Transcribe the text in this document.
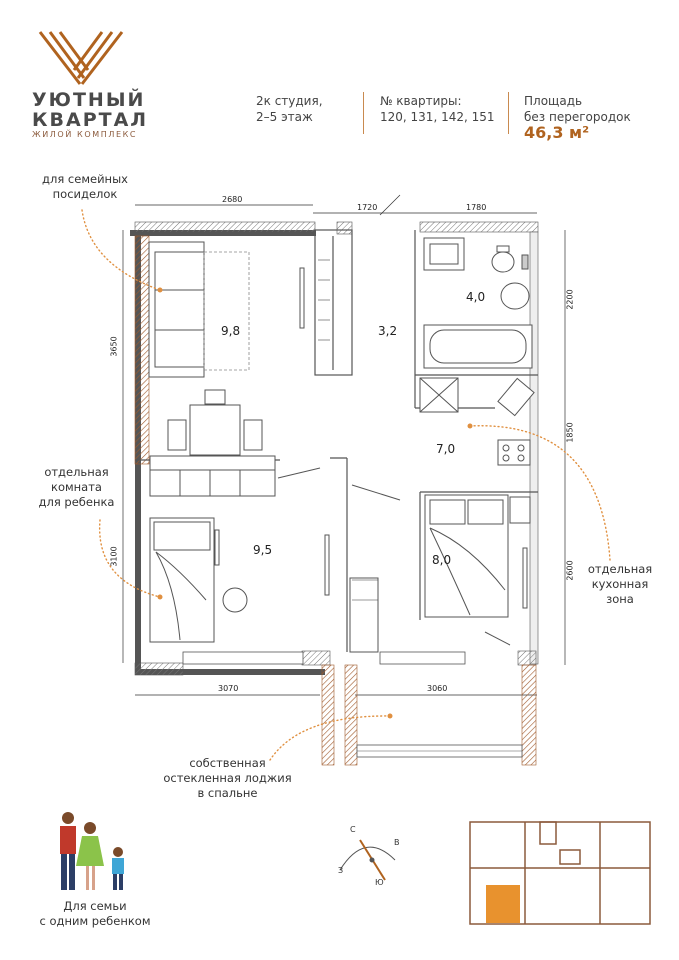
УЮТНЫЙ
КВАРТАЛ
ЖИЛОЙ КОМПЛЕКС
2к студия,
2–5 этаж
№ квартиры:
120, 131, 142, 151
Площадь
без перегородок
46,3 м²
2680
1720	1780
3650
3100
2200
1850
2600
3070	3060
9,8	3,2
4,0
7,0
9,5
8,0
для семейных
посиделок
отдельная
комната
для ребенка
отдельная
кухонная
зона
собственная
остекленная лоджия
в спальне
Для семьи
с одним ребенком
С
В
Ю
З
